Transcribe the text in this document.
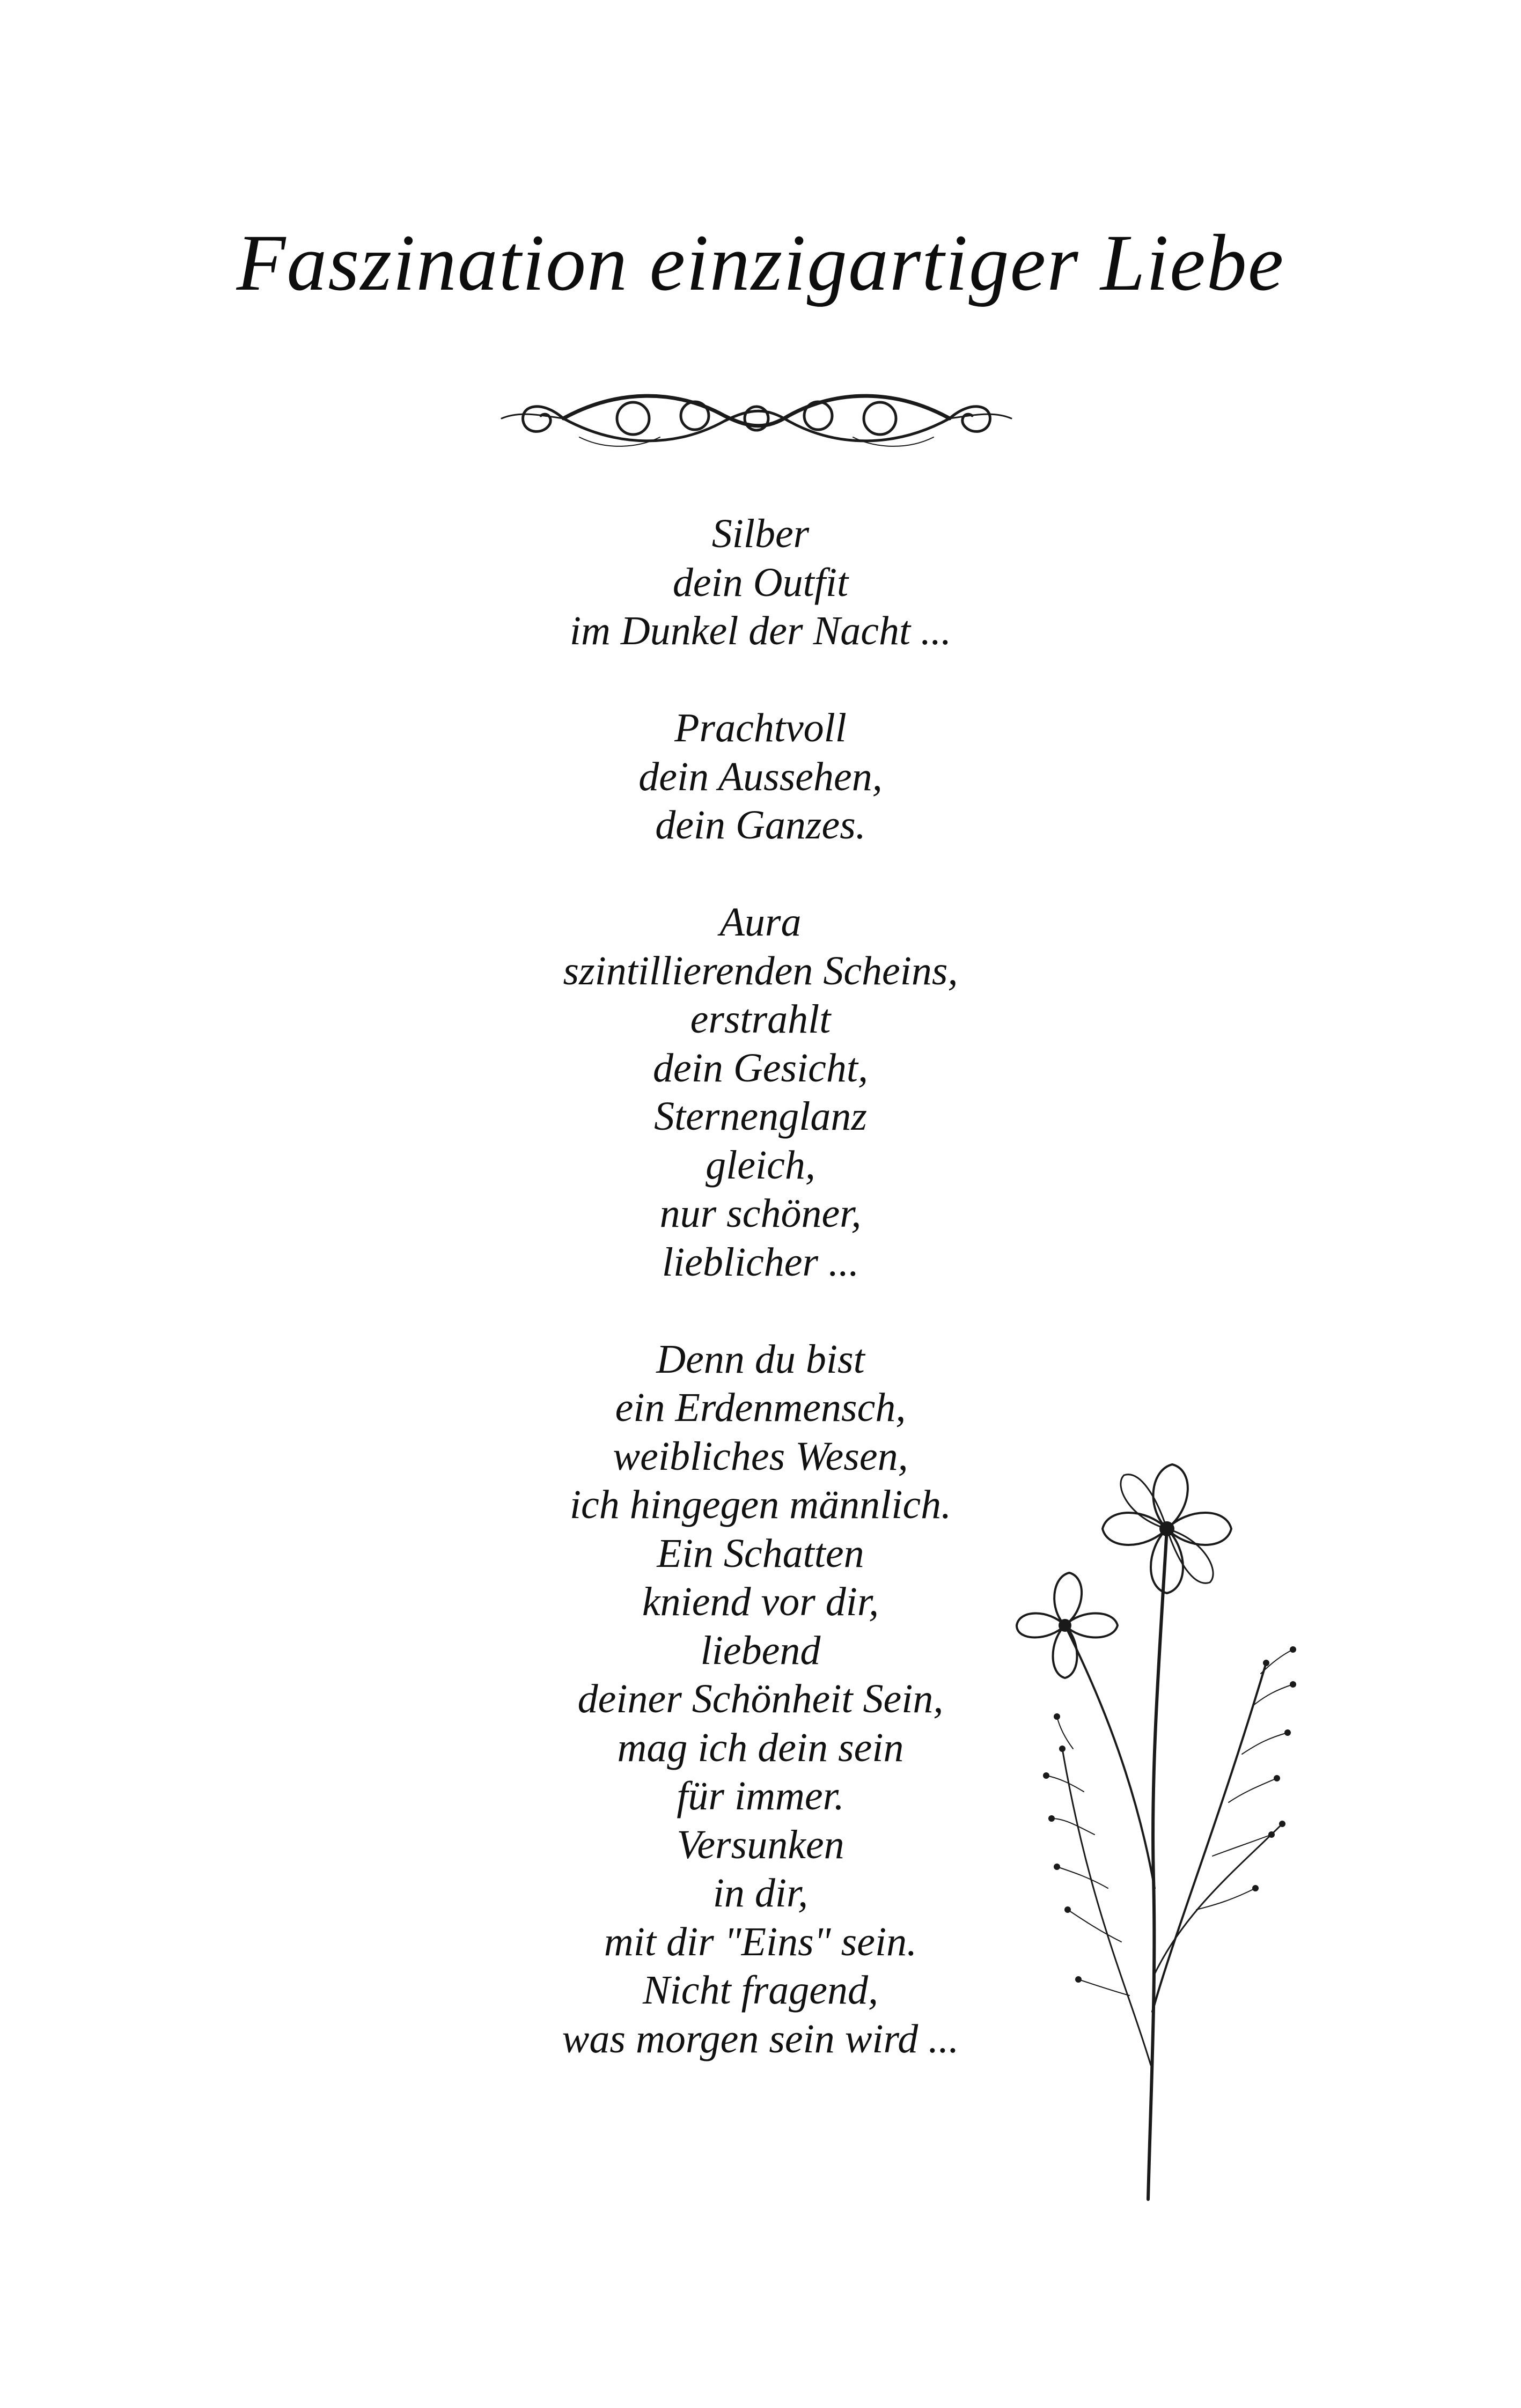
Faszination einzigartiger Liebe
Silber
dein Outfit
im Dunkel der Nacht ...
Prachtvoll
dein Aussehen,
dein Ganzes.
Aura
szintillierenden Scheins,
erstrahlt
dein Gesicht,
Sternenglanz
gleich,
nur schöner,
lieblicher ...
Denn du bist
ein Erdenmensch,
weibliches Wesen,
ich hingegen männlich.
Ein Schatten
kniend vor dir,
liebend
deiner Schönheit Sein,
mag ich dein sein
für immer.
Versunken
in dir,
mit dir "Eins" sein.
Nicht fragend,
was morgen sein wird ...
